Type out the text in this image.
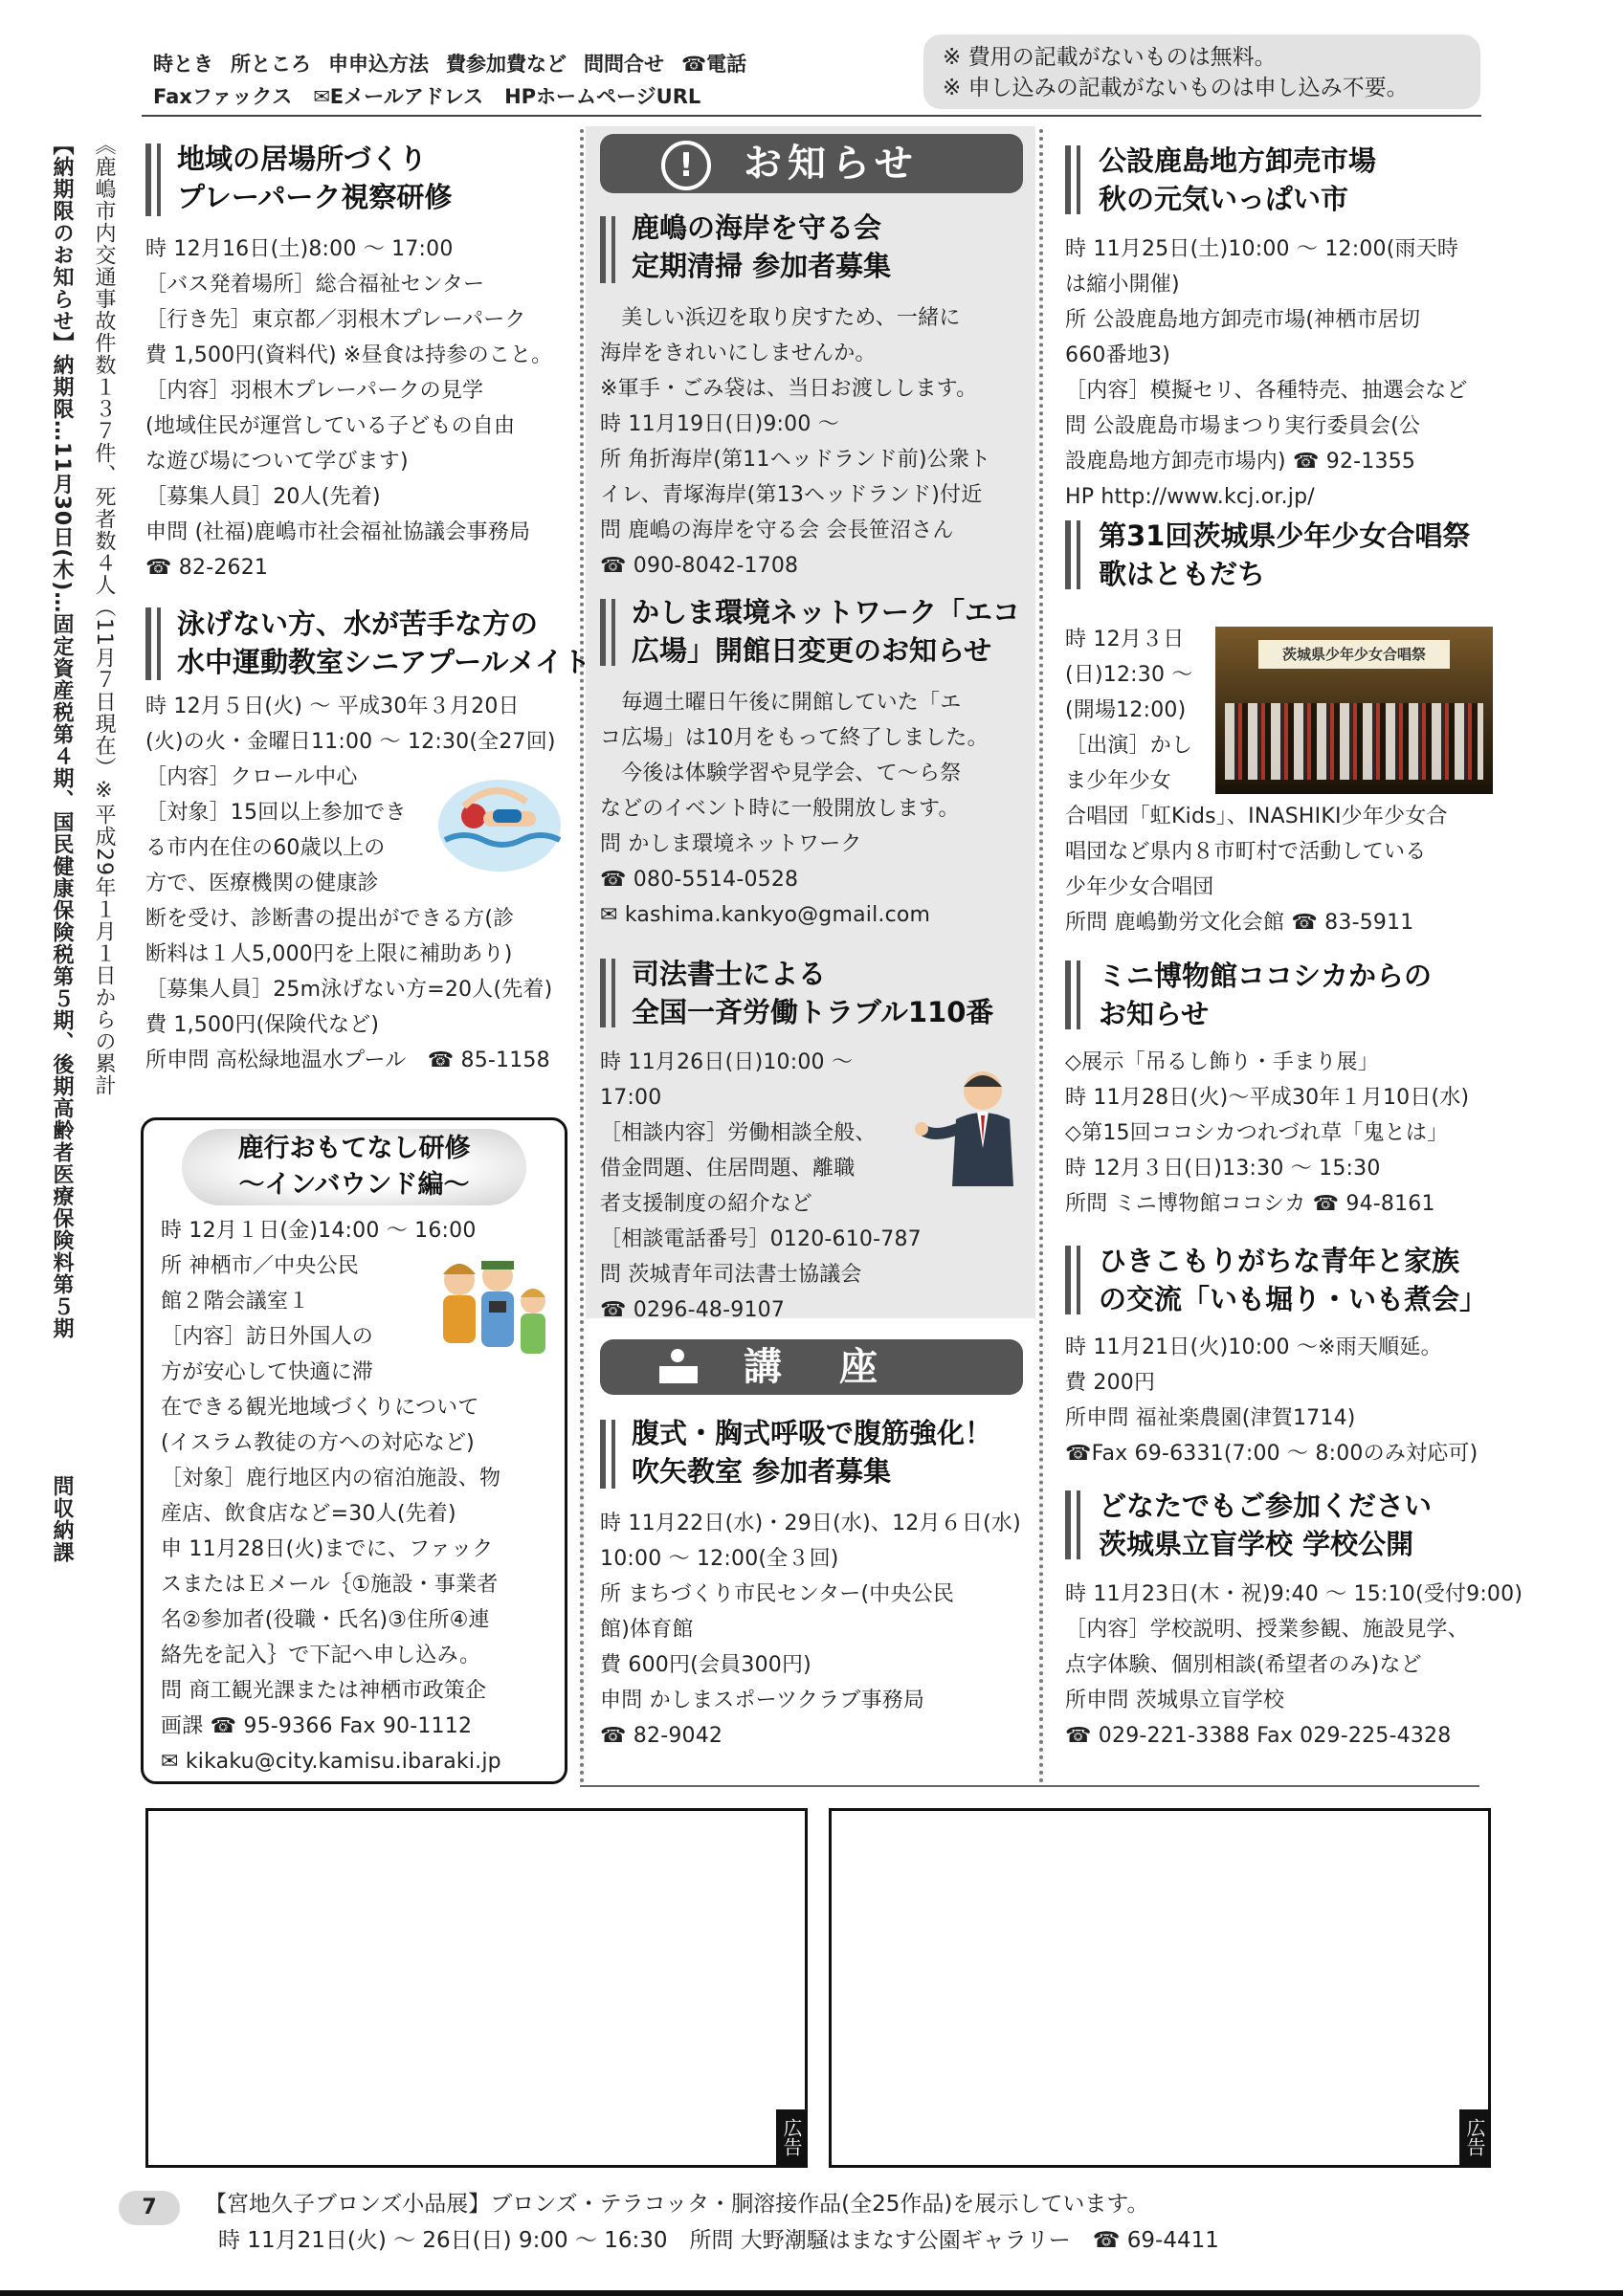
時とき 所ところ 申申込方法 費参加費など 問問合せ ☎電話
Faxファックス ✉Eメールアドレス HPホームページURL
※ 費用の記載がないものは無料。
※ 申し込みの記載がないものは申し込み不要。
【納期限のお知らせ】納期限…11月30日(木)…固定資産税第４期、国民健康保険税第５期、後期高齢者医療保険料第５期
問収納課
《鹿嶋市内交通事故件数１３７件、死者数４人（11月７日現在）※平成29年１月１日からの累計 地域の居場所づくり
プレーパーク視察研修
時 12月16日(土)8:00 ～ 17:00
［バス発着場所］総合福祉センター
［行き先］東京都／羽根木プレーパーク
費 1,500円(資料代) ※昼食は持参のこと。
［内容］羽根木プレーパークの見学
(地域住民が運営している子どもの自由
な遊び場について学びます)
［募集人員］20人(先着)
申問 (社福)鹿嶋市社会福祉協議会事務局
☎ 82-2621
泳げない方、水が苦手な方の
水中運動教室シニアプールメイト
時 12月５日(火) ～ 平成30年３月20日
(火)の火・金曜日11:00 ～ 12:30(全27回)
［内容］クロール中心
［対象］15回以上参加でき
る市内在住の60歳以上の
方で、医療機関の健康診
断を受け、診断書の提出ができる方(診
断料は１人5,000円を上限に補助あり)
［募集人員］25m泳げない方=20人(先着)
費 1,500円(保険代など)
所申問 高松緑地温水プール　☎ 85-1158
鹿行おもてなし研修
～インバウンド編～
時 12月１日(金)14:00 ～ 16:00
所 神栖市／中央公民
館２階会議室１
［内容］訪日外国人の
方が安心して快適に滞
在できる観光地域づくりについて
(イスラム教徒の方への対応など)
［対象］鹿行地区内の宿泊施設、物
産店、飲食店など=30人(先着)
申 11月28日(火)までに、ファック
スまたはＥメール｛①施設・事業者
名②参加者(役職・氏名)③住所④連
絡先を記入｝で下記へ申し込み。
問 商工観光課または神栖市政策企
画課 ☎ 95-9366 Fax 90-1112
✉ kikaku@city.kamisu.ibaraki.jp
!	お知らせ
鹿嶋の海岸を守る会
定期清掃 参加者募集
　美しい浜辺を取り戻すため、一緒に
海岸をきれいにしませんか。
※軍手・ごみ袋は、当日お渡しします。
時 11月19日(日)9:00 ～
所 角折海岸(第11ヘッドランド前)公衆ト
イレ、青塚海岸(第13ヘッドランド)付近
問 鹿嶋の海岸を守る会 会長笹沼さん
☎ 090-8042-1708
かしま環境ネットワーク「エコ
広場」開館日変更のお知らせ
　毎週土曜日午後に開館していた「エ
コ広場」は10月をもって終了しました。
　今後は体験学習や見学会、て～ら祭
などのイベント時に一般開放します。
問 かしま環境ネットワーク
☎ 080-5514-0528
✉ kashima.kankyo@gmail.com
司法書士による
全国一斉労働トラブル110番
時 11月26日(日)10:00 ～
17:00
［相談内容］労働相談全般、
借金問題、住居問題、離職
者支援制度の紹介など
［相談電話番号］0120-610-787
問 茨城青年司法書士協議会
☎ 0296-48-9107
講　座
腹式・胸式呼吸で腹筋強化！
吹矢教室 参加者募集
時 11月22日(水)・29日(水)、12月６日(水)
10:00 ～ 12:00(全３回)
所 まちづくり市民センター(中央公民
館)体育館
費 600円(会員300円)
申問 かしまスポーツクラブ事務局
☎ 82-9042
公設鹿島地方卸売市場
秋の元気いっぱい市
時 11月25日(土)10:00 ～ 12:00(雨天時
は縮小開催)
所 公設鹿島地方卸売市場(神栖市居切
660番地3)
［内容］模擬セリ、各種特売、抽選会など
問 公設鹿島市場まつり実行委員会(公
設鹿島地方卸売市場内) ☎ 92-1355
HP http://www.kcj.or.jp/
第31回茨城県少年少女合唱祭
歌はともだち
時 12月３日
(日)12:30 ～
(開場12:00)
［出演］かし
ま少年少女
茨城県少年少女合唱祭
合唱団「虹Kids」、INASHIKI少年少女合
唱団など県内８市町村で活動している
少年少女合唱団
所問 鹿嶋勤労文化会館 ☎ 83-5911
ミニ博物館ココシカからの
お知らせ
◇展示「吊るし飾り・手まり展」
時 11月28日(火)～平成30年１月10日(水)
◇第15回ココシカつれづれ草「鬼とは」
時 12月３日(日)13:30 ～ 15:30
所問 ミニ博物館ココシカ ☎ 94-8161
ひきこもりがちな青年と家族
の交流「いも堀り・いも煮会」
時 11月21日(火)10:00 ～※雨天順延。
費 200円
所申問 福祉楽農園(津賀1714)
☎Fax 69-6331(7:00 ～ 8:00のみ対応可)
どなたでもご参加ください
茨城県立盲学校 学校公開
時 11月23日(木・祝)9:40 ～ 15:10(受付9:00)
［内容］学校説明、授業参観、施設見学、
点字体験、個別相談(希望者のみ)など
所申問 茨城県立盲学校
☎ 029-221-3388 Fax 029-225-4328
広告	広告
7	【宮地久子ブロンズ小品展】ブロンズ・テラコッタ・胴溶接作品(全25作品)を展示しています。
時 11月21日(火) ～ 26日(日) 9:00 ～ 16:30　所問 大野潮騒はまなす公園ギャラリー　☎ 69-4411
